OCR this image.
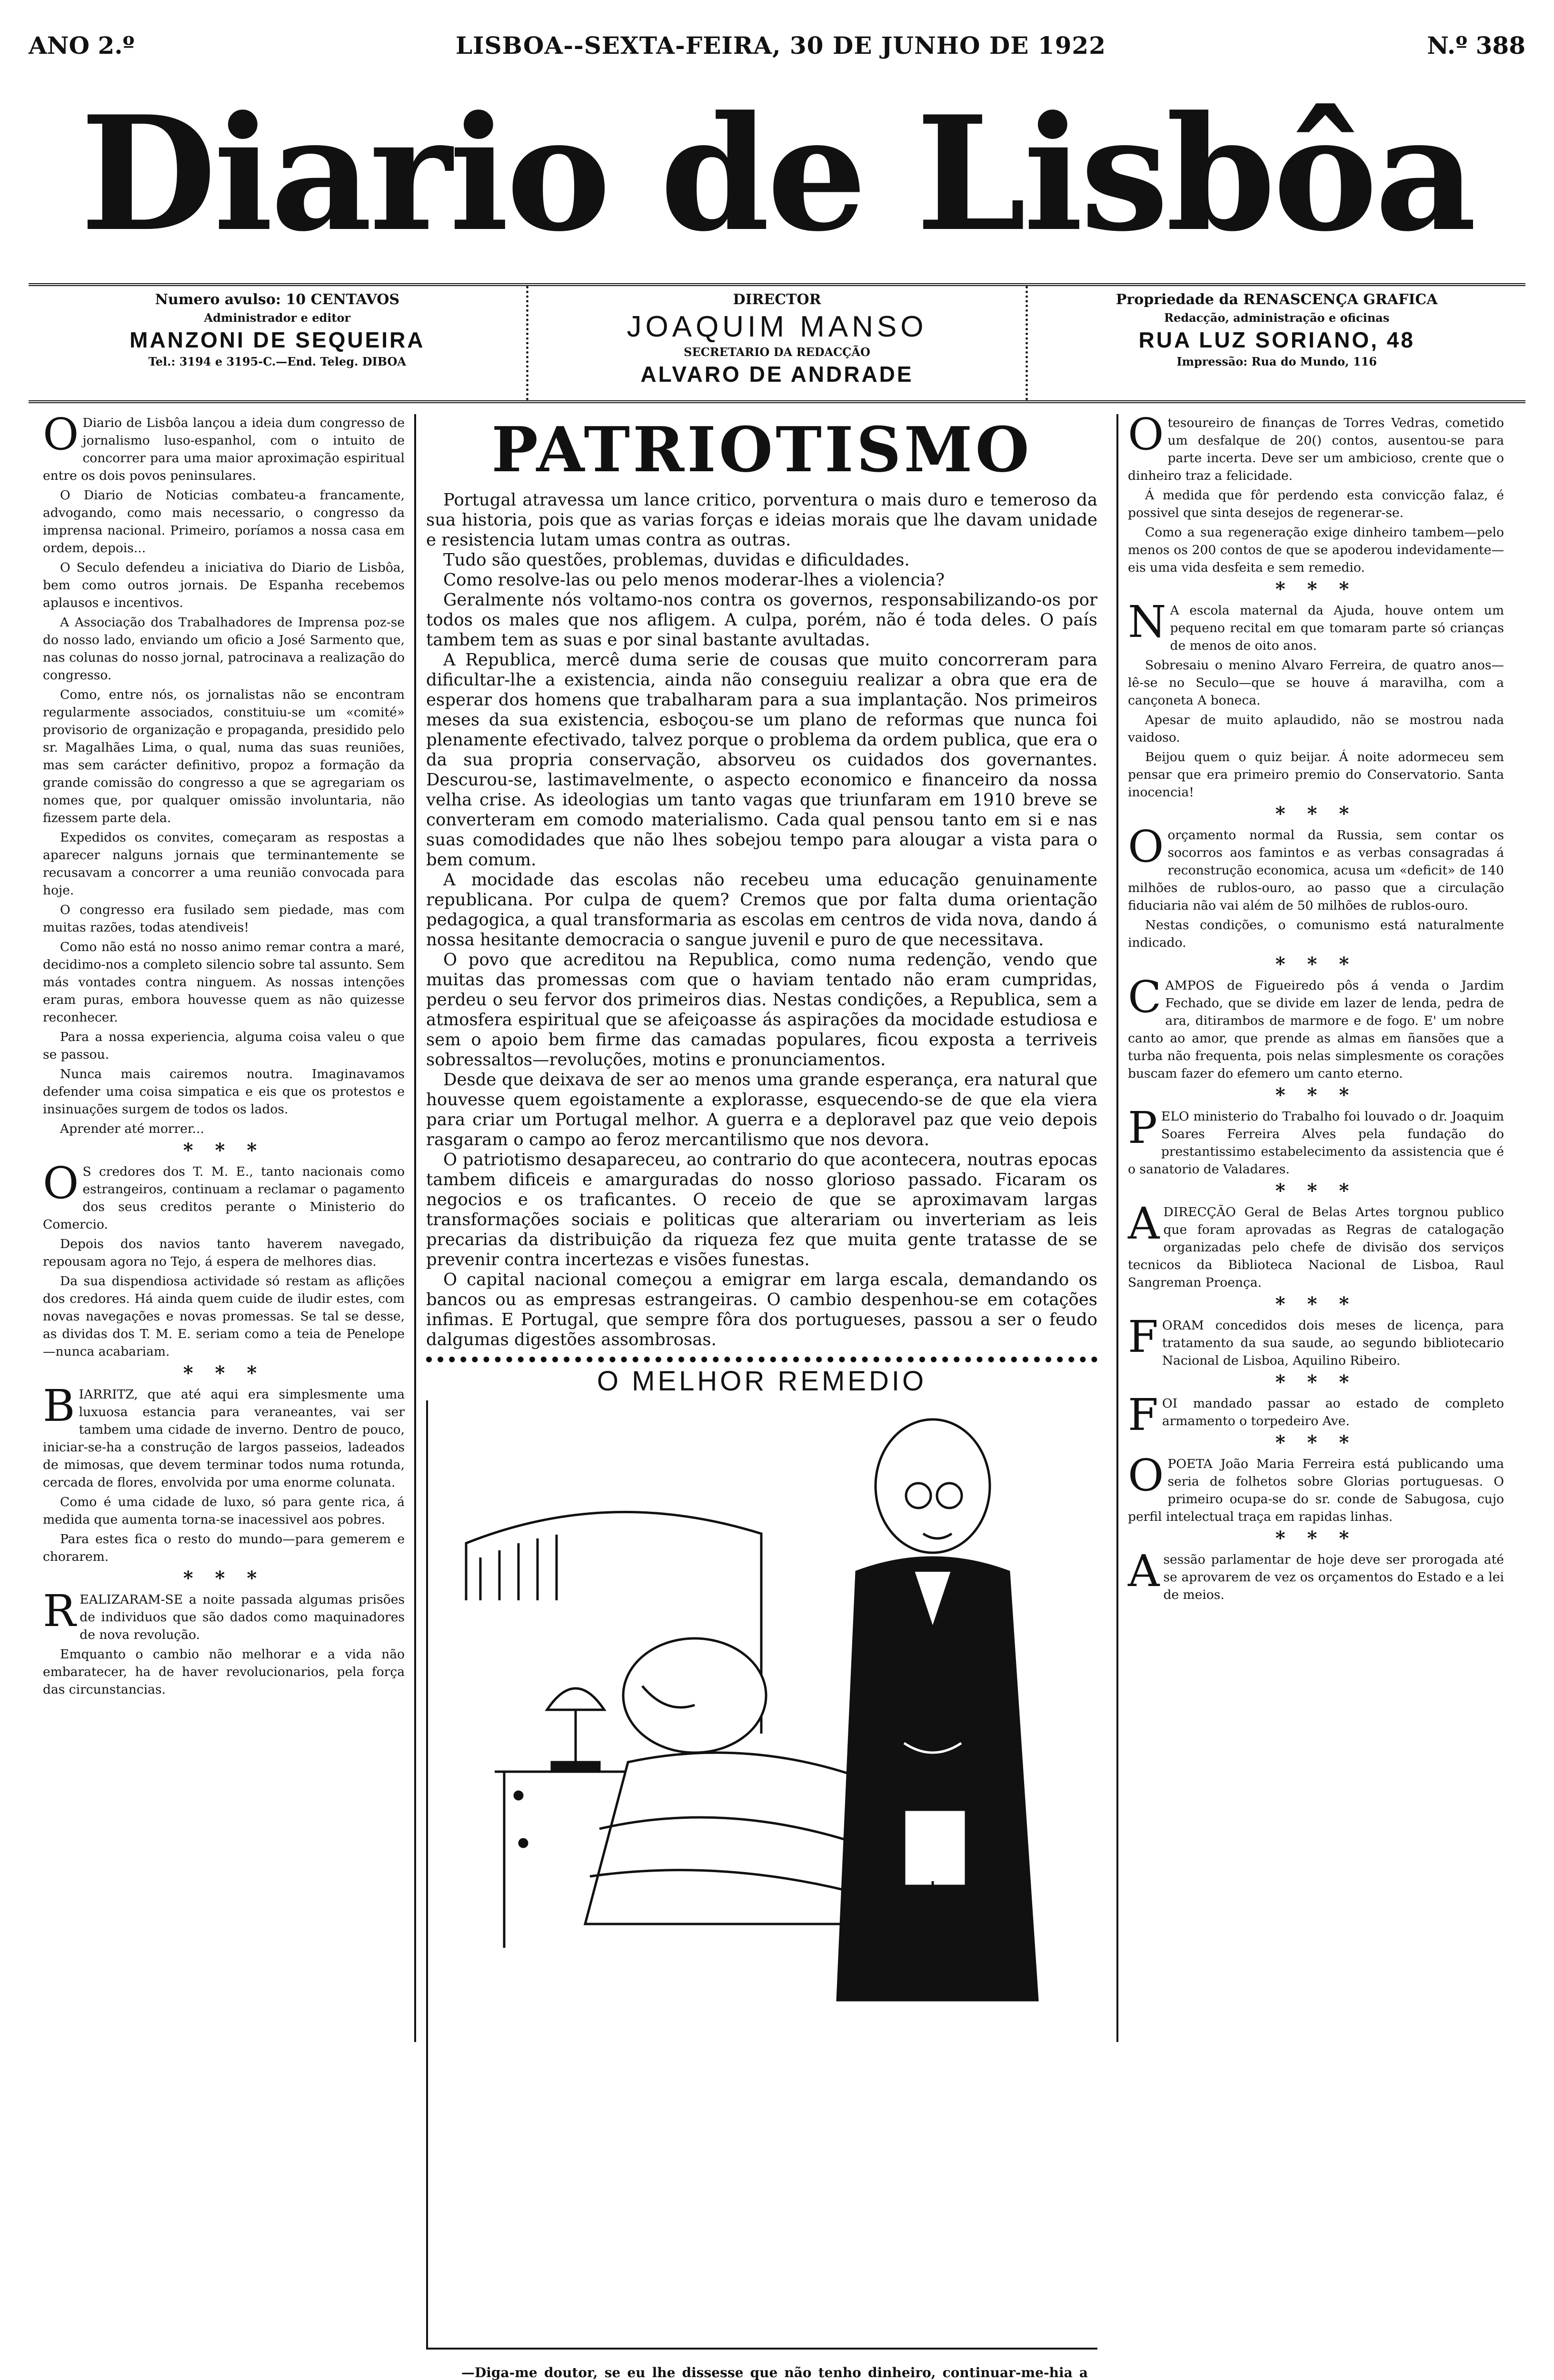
ANO 2.º	LISBOA--SEXTA-FEIRA, 30 DE JUNHO DE 1922	N.º 388
Diario de Lisbôa
Numero avulso: 10 CENTAVOS
Administrador e editor
MANZONI DE SEQUEIRA
Tel.: 3194 e 3195-C.—End. Teleg. DIBOA
DIRECTOR
JOAQUIM MANSO
SECRETARIO DA REDACÇÃO
ALVARO DE ANDRADE
Propriedade da RENASCENÇA GRAFICA
Redacção, administração e oficinas
RUA LUZ SORIANO, 48
Impressão: Rua do Mundo, 116

O Diario de Lisbôa lançou a ideia dum congresso de jornalismo luso-espanhol, com o intuito de concorrer para uma maior aproximação espiritual entre os dois povos peninsulares.

O Diario de Noticias combateu-a francamente, advogando, como mais necessario, o congresso da imprensa nacional. Primeiro, poríamos a nossa casa em ordem, depois...

O Seculo defendeu a iniciativa do Diario de Lisbôa, bem como outros jornais. De Espanha recebemos aplausos e incentivos.

A Associação dos Trabalhadores de Imprensa poz-se do nosso lado, enviando um oficio a José Sarmento que, nas colunas do nosso jornal, patrocinava a realização do congresso.

Como, entre nós, os jornalistas não se encontram regularmente associados, constituiu-se um «comité» provisorio de organização e propaganda, presidido pelo sr. Magalhães Lima, o qual, numa das suas reuniões, mas sem carácter definitivo, propoz a formação da grande comissão do congresso a que se agregariam os nomes que, por qualquer omissão involuntaria, não fizessem parte dela.

Expedidos os convites, começaram as respostas a aparecer nalguns jornais que terminantemente se recusavam a concorrer a uma reunião convocada para hoje.

O congresso era fusilado sem piedade, mas com muitas razões, todas atendiveis!

Como não está no nosso animo remar contra a maré, decidimo-nos a completo silencio sobre tal assunto. Sem más vontades contra ninguem. As nossas intenções eram puras, embora houvesse quem as não quizesse reconhecer.

Para a nossa experiencia, alguma coisa valeu o que se passou.

Nunca mais cairemos noutra. Imaginavamos defender uma coisa simpatica e eis que os protestos e insinuações surgem de todos os lados.

Aprender até morrer...

* * *

O S credores dos T. M. E., tanto nacionais como estrangeiros, continuam a reclamar o pagamento dos seus creditos perante o Ministerio do Comercio.

Depois dos navios tanto haverem navegado, repousam agora no Tejo, á espera de melhores dias.

Da sua dispendiosa actividade só restam as aflições dos credores. Há ainda quem cuide de iludir estes, com novas navegações e novas promessas. Se tal se desse, as dividas dos T. M. E. seriam como a teia de Penelope —nunca acabariam.

* * *

BIARRITZ, que até aqui era simplesmente uma luxuosa estancia para veraneantes, vai ser tambem uma cidade de inverno. Dentro de pouco, iniciar-se-ha a construção de largos passeios, ladeados de mimosas, que devem terminar todos numa rotunda, cercada de flores, envolvida por uma enorme colunata.

Como é uma cidade de luxo, só para gente rica, á medida que aumenta torna-se inacessivel aos pobres.

Para estes fica o resto do mundo—para gemerem e chorarem.

* * *

REALIZARAM-SE a noite passada algumas prisões de individuos que são dados como maquinadores de nova revolução.

Emquanto o cambio não melhorar e a vida não embaratecer, ha de haver revolucionarios, pela força das circunstancias.

PATRIOTISMO

Portugal atravessa um lance critico, porventura o mais duro e temeroso da sua historia, pois que as varias forças e ideias morais que lhe davam unidade e resistencia lutam umas contra as outras.

Tudo são questões, problemas, duvidas e dificuldades.

Como resolve-las ou pelo menos moderar-lhes a violencia?

Geralmente nós voltamo-nos contra os governos, responsabilizando-os por todos os males que nos afligem. A culpa, porém, não é toda deles. O país tambem tem as suas e por sinal bastante avultadas.

A Republica, mercê duma serie de cousas que muito concorreram para dificultar-lhe a existencia, ainda não conseguiu realizar a obra que era de esperar dos homens que trabalharam para a sua implantação. Nos primeiros meses da sua existencia, esboçou-se um plano de reformas que nunca foi plenamente efectivado, talvez porque o problema da ordem publica, que era o da sua propria conservação, absorveu os cuidados dos governantes. Descurou-se, lastimavelmente, o aspecto economico e financeiro da nossa velha crise. As ideologias um tanto vagas que triunfaram em 1910 breve se converteram em comodo materialismo. Cada qual pensou tanto em si e nas suas comodidades que não lhes sobejou tempo para alougar a vista para o bem comum.

A mocidade das escolas não recebeu uma educação genuinamente republicana. Por culpa de quem? Cremos que por falta duma orientação pedagogica, a qual transformaria as escolas em centros de vida nova, dando á nossa hesitante democracia o sangue juvenil e puro de que necessitava.

O povo que acreditou na Republica, como numa redenção, vendo que muitas das promessas com que o haviam tentado não eram cumpridas, perdeu o seu fervor dos primeiros dias. Nestas condições, a Republica, sem a atmosfera espiritual que se afeiçoasse ás aspirações da mocidade estudiosa e sem o apoio bem firme das camadas populares, ficou exposta a terriveis sobressaltos—revoluções, motins e pronunciamentos.

Desde que deixava de ser ao menos uma grande esperança, era natural que houvesse quem egoistamente a explorasse, esquecendo-se de que ela viera para criar um Portugal melhor. A guerra e a deploravel paz que veio depois rasgaram o campo ao feroz mercantilismo que nos devora.

O patriotismo desapareceu, ao contrario do que acontecera, noutras epocas tambem dificeis e amarguradas do nosso glorioso passado. Ficaram os negocios e os traficantes. O receio de que se aproximavam largas transformações sociais e politicas que alterariam ou inverteriam as leis precarias da distribuição da riqueza fez que muita gente tratasse de se prevenir contra incertezas e visões funestas.

O capital nacional começou a emigrar em larga escala, demandando os bancos ou as empresas estrangeiras. O cambio despenhou-se em cotações infimas. E Portugal, que sempre fôra dos portugueses, passou a ser o feudo dalgumas digestões assombrosas.

O MELHOR REMEDIO
—Diga-me doutor, se eu lhe dissesse que não tenho dinheiro, continuar-me-hia a

Otesoureiro de finanças de Torres Vedras, cometido um desfalque de 20() contos, ausentou-se para parte incerta. Deve ser um ambicioso, crente que o dinheiro traz a felicidade.

Á medida que fôr perdendo esta convicção falaz, é possivel que sinta desejos de regenerar-se.

Como a sua regeneração exige dinheiro tambem—pelo menos os 200 contos de que se apoderou indevidamente—eis uma vida desfeita e sem remedio.

* * *

N A escola maternal da Ajuda, houve ontem um pequeno recital em que tomaram parte só crianças de menos de oito anos.

Sobresaiu o menino Alvaro Ferreira, de quatro anos—lê-se no Seculo—que se houve á maravilha, com a cançoneta A boneca.

Apesar de muito aplaudido, não se mostrou nada vaidoso.

Beijou quem o quiz beijar. Á noite adormeceu sem pensar que era primeiro premio do Conservatorio. Santa inocencia!

* * *

Oorçamento normal da Russia, sem contar os socorros aos famintos e as verbas consagradas á reconstrução economica, acusa um «deficit» de 140 milhões de rublos-ouro, ao passo que a circulação fiduciaria não vai além de 50 milhões de rublos-ouro.

Nestas condições, o comunismo está naturalmente indicado.

* * *

CAMPOS de Figueiredo pôs á venda o Jardim Fechado, que se divide em lazer de lenda, pedra de ara, ditirambos de marmore e de fogo. E' um nobre canto ao amor, que prende as almas em ñansões que a turba não frequenta, pois nelas simplesmente os corações buscam fazer do efemero um canto eterno.

* * *

PELO ministerio do Trabalho foi louvado o dr. Joaquim Soares Ferreira Alves pela fundação do prestantissimo estabelecimento da assistencia que é o sanatorio de Valadares.

* * *

ADIRECÇÃO Geral de Belas Artes torgnou publico que foram aprovadas as Regras de catalogação organizadas pelo chefe de divisão dos serviços tecnicos da Biblioteca Nacional de Lisboa, Raul Sangreman Proença.

* * *

FORAM concedidos dois meses de licença, para tratamento da sua saude, ao segundo bibliotecario Nacional de Lisboa, Aquilino Ribeiro.

* * *

FOI mandado passar ao estado de completo armamento o torpedeiro Ave.

* * *

OPOETA João Maria Ferreira está publicando uma seria de folhetos sobre Glorias portuguesas. O primeiro ocupa-se do sr. conde de Sabugosa, cujo perfil intelectual traça em rapidas linhas.

* * *

Asessão parlamentar de hoje deve ser prorogada até se aprovarem de vez os orçamentos do Estado e a lei de meios.
